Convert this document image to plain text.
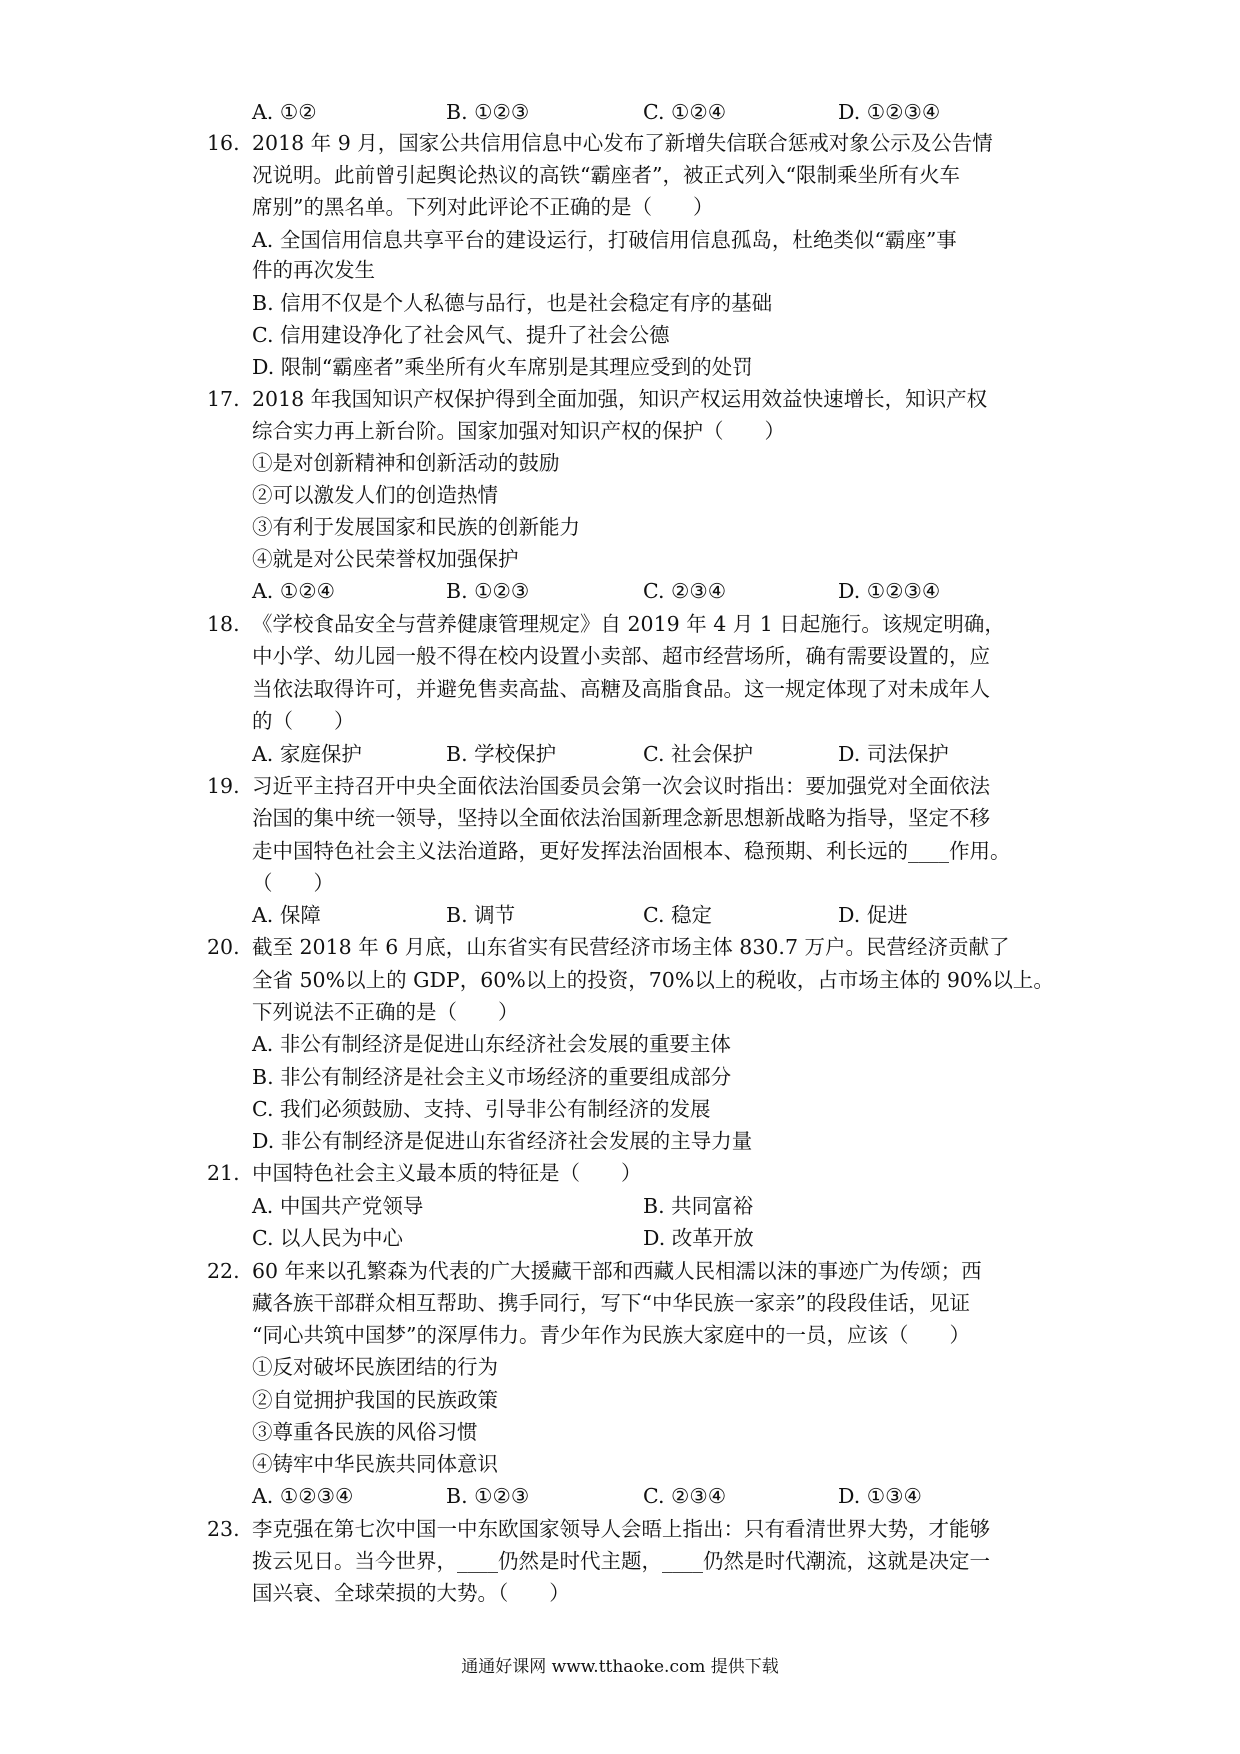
A. ①②	B. ①②③	C. ①②④	D. ①②③④
16. 2018 年 9 月，国家公共信用信息中心发布了新增失信联合惩戒对象公示及公告情
况说明。此前曾引起舆论热议的高铁“霸座者”，被正式列入“限制乘坐所有火车
席别”的黑名单。下列对此评论不正确的是（　　）
A. 全国信用信息共享平台的建设运行，打破信用信息孤岛，杜绝类似“霸座”事
件的再次发生
B. 信用不仅是个人私德与品行，也是社会稳定有序的基础
C. 信用建设净化了社会风气、提升了社会公德
D. 限制“霸座者”乘坐所有火车席别是其理应受到的处罚
17. 2018 年我国知识产权保护得到全面加强，知识产权运用效益快速增长，知识产权
综合实力再上新台阶。国家加强对知识产权的保护（　　）
①是对创新精神和创新活动的鼓励
②可以激发人们的创造热情
③有利于发展国家和民族的创新能力
④就是对公民荣誉权加强保护
A. ①②④	B. ①②③	C. ②③④	D. ①②③④
18. 《学校食品安全与营养健康管理规定》自 2019 年 4 月 1 日起施行。该规定明确，
中小学、幼儿园一般不得在校内设置小卖部、超市经营场所，确有需要设置的，应
当依法取得许可，并避免售卖高盐、高糖及高脂食品。这一规定体现了对未成年人
的（　　）
A. 家庭保护	B. 学校保护	C. 社会保护	D. 司法保护
19. 习近平主持召开中央全面依法治国委员会第一次会议时指出：要加强党对全面依法
治国的集中统一领导，坚持以全面依法治国新理念新思想新战略为指导，坚定不移
走中国特色社会主义法治道路，更好发挥法治固根本、稳预期、利长远的____作用。
（　　）
A. 保障	B. 调节	C. 稳定	D. 促进
20. 截至 2018 年 6 月底，山东省实有民营经济市场主体 830.7 万户。民营经济贡献了
全省 50%以上的 GDP，60%以上的投资，70%以上的税收，占市场主体的 90%以上。
下列说法不正确的是（　　）
A. 非公有制经济是促进山东经济社会发展的重要主体
B. 非公有制经济是社会主义市场经济的重要组成部分
C. 我们必须鼓励、支持、引导非公有制经济的发展
D. 非公有制经济是促进山东省经济社会发展的主导力量
21. 中国特色社会主义最本质的特征是（　　）
A. 中国共产党领导	B. 共同富裕
C. 以人民为中心	D. 改革开放
22. 60 年来以孔繁森为代表的广大援藏干部和西藏人民相濡以沫的事迹广为传颂；西
藏各族干部群众相互帮助、携手同行，写下“中华民族一家亲”的段段佳话，见证
“同心共筑中国梦”的深厚伟力。青少年作为民族大家庭中的一员，应该（　　）
①反对破坏民族团结的行为
②自觉拥护我国的民族政策
③尊重各民族的风俗习惯
④铸牢中华民族共同体意识
A. ①②③④	B. ①②③	C. ②③④	D. ①③④
23. 李克强在第七次中国一中东欧国家领导人会晤上指出：只有看清世界大势，才能够
拨云见日。当今世界，____仍然是时代主题，____仍然是时代潮流，这就是决定一
国兴衰、全球荣损的大势。（　　）
通通好课网 www.tthaoke.com 提供下载
